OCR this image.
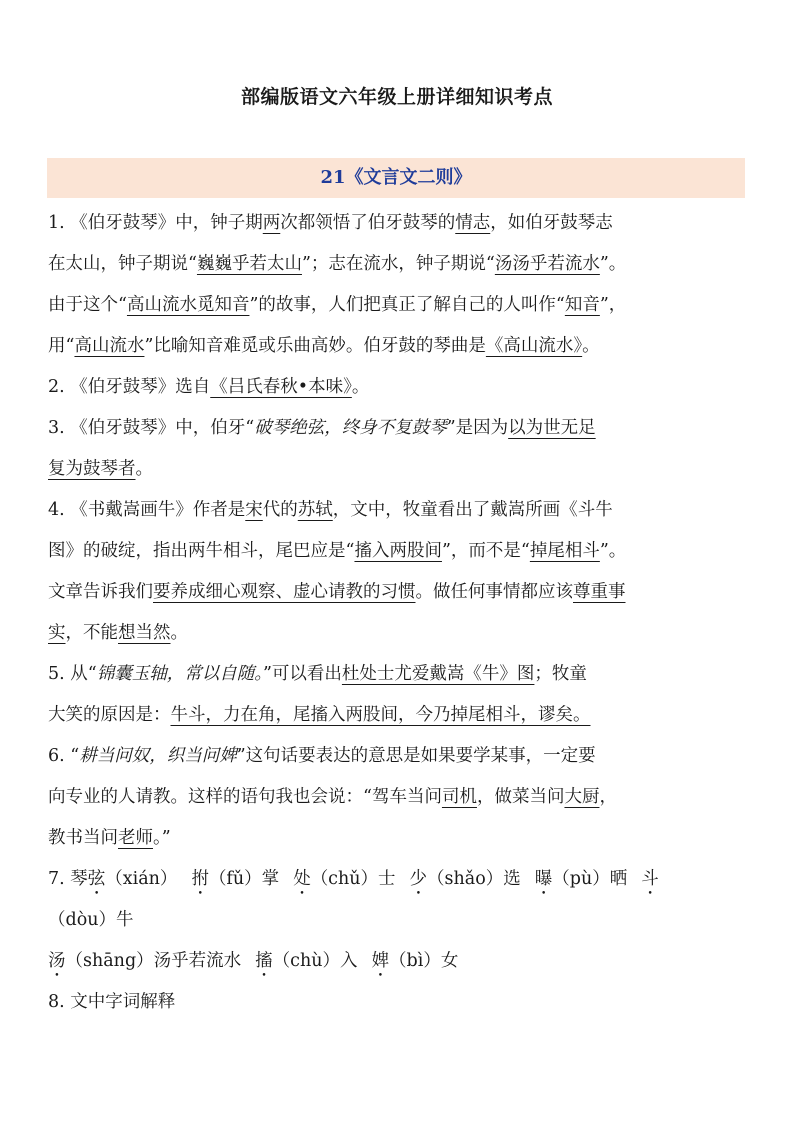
部编版语文六年级上册详细知识考点
21《文言文二则》
1. 《伯牙鼓琴》中，钟子期两次都领悟了伯牙鼓琴的情志，如伯牙鼓琴志
在太山，钟子期说“巍巍乎若太山”；志在流水，钟子期说“汤汤乎若流水”。
由于这个“高山流水觅知音”的故事，人们把真正了解自己的人叫作“知音”，
用“高山流水”比喻知音难觅或乐曲高妙。伯牙鼓的琴曲是《高山流水》。
2. 《伯牙鼓琴》选自《吕氏春秋•本味》。
3. 《伯牙鼓琴》中，伯牙“破琴绝弦，终身不复鼓琴”是因为以为世无足
复为鼓琴者。
4. 《书戴嵩画牛》作者是宋代的苏轼，文中，牧童看出了戴嵩所画《斗牛
图》的破绽，指出两牛相斗，尾巴应是“搐入两股间”，而不是“掉尾相斗”。
文章告诉我们要养成细心观察、虚心请教的习惯。做任何事情都应该尊重事
实，不能想当然。
5. 从“锦囊玉轴，常以自随。”可以看出杜处士尤爱戴嵩《牛》图；牧童
大笑的原因是：牛斗，力在角，尾搐入两股间，今乃掉尾相斗，谬矣。
6. “耕当问奴，织当问婢”这句话要表达的意思是如果要学某事，一定要
向专业的人请教。这样的语句我也会说：“驾车当问司机，做菜当问大厨，
教书当问老师。”
7. 琴弦（xián） 拊（fǔ）掌 处（chǔ）士 少（shǎo）选 曝（pù）晒 斗
（dòu）牛
汤（shāng）汤乎若流水 搐（chù）入 婢（bì）女
8. 文中字词解释
